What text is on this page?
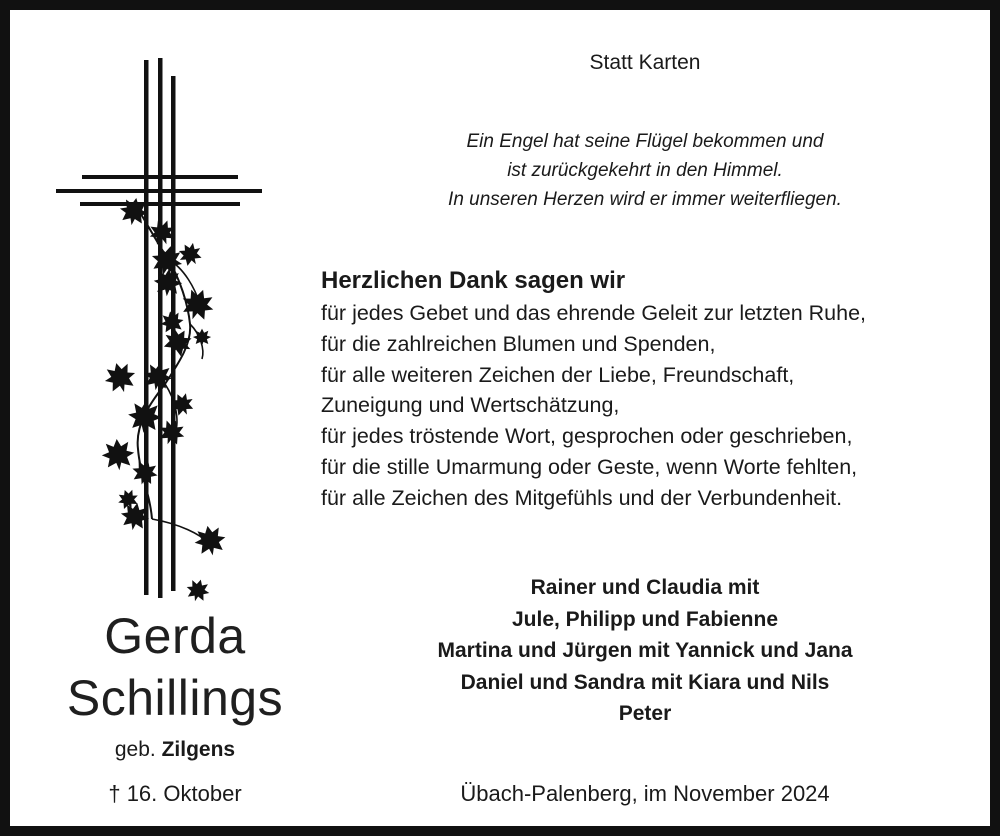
Statt Karten
Ein Engel hat seine Flügel bekommen und
ist zurückgekehrt in den Himmel.
In unseren Herzen wird er immer weiterfliegen.
Herzlichen Dank sagen wir
für jedes Gebet und das ehrende Geleit zur letzten Ruhe,
für die zahlreichen Blumen und Spenden,
für alle weiteren Zeichen der Liebe, Freundschaft,
Zuneigung und Wertschätzung,
für jedes tröstende Wort, gesprochen oder geschrieben,
für die stille Umarmung oder Geste, wenn Worte fehlten,
für alle Zeichen des Mitgefühls und der Verbundenheit.
Rainer und Claudia mit
Jule, Philipp und Fabienne
Martina und Jürgen mit Yannick und Jana
Daniel und Sandra mit Kiara und Nils
Peter
Gerda
Schillings
geb. Zilgens
† 16. Oktober	Übach-Palenberg, im November 2024
